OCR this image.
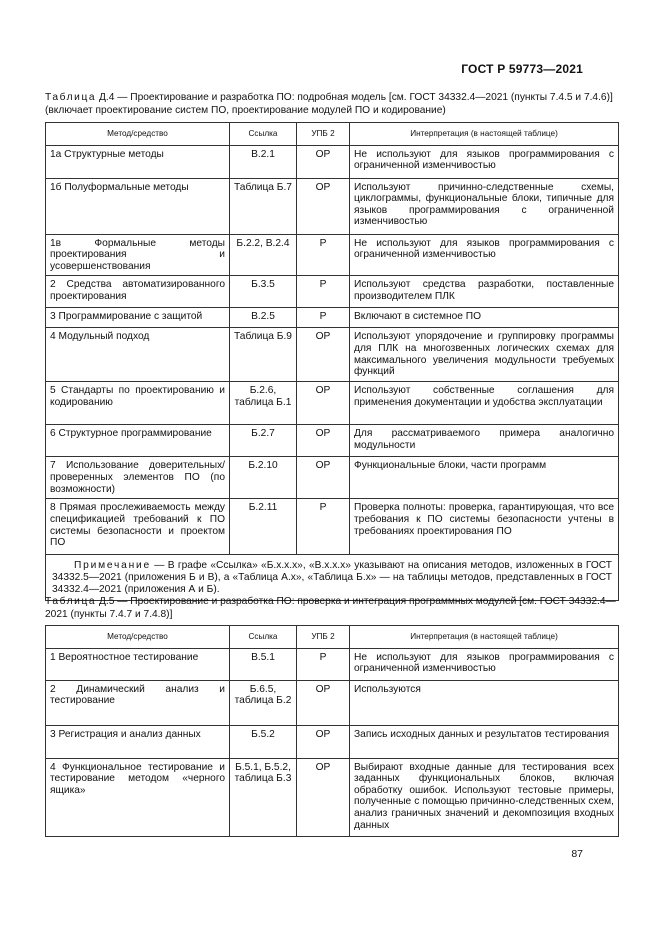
ГОСТ Р 59773—2021
Таблица Д.4 — Проектирование и разработка ПО: подробная модель [см. ГОСТ 34332.4—2021 (пункты 7.4.5 и 7.4.6)] (включает проектирование систем ПО, проектирование модулей ПО и кодирование)
Метод/средство	Ссылка	УПБ 2	Интерпретация (в настоящей таблице)
1а Структурные методы	В.2.1	ОР	Не используют для языков программирования с ограниченной изменчивостью
1б Полуформальные методы	Таблица Б.7	ОР	Используют причинно-следственные схемы, циклограммы, функциональные блоки, типичные для языков программирования с ограниченной изменчивостью
1в Формальные методы проектирования и усовершенствования	Б.2.2, В.2.4	Р	Не используют для языков программирования с ограниченной изменчивостью
2 Средства автоматизированного проектирования	Б.3.5	Р	Используют средства разработки, поставленные производителем ПЛК
3 Программирование с защитой	В.2.5	Р	Включают в системное ПО
4 Модульный подход	Таблица Б.9	ОР	Используют упорядочение и группировку программы для ПЛК на многозвенных логических схемах для максимального увеличения модульности требуемых функций
5 Стандарты по проектированию и кодированию	Б.2.6, таблица Б.1	ОР	Используют собственные соглашения для применения документации и удобства эксплуатации
6 Структурное программирование	Б.2.7	ОР	Для рассматриваемого примера аналогично модульности
7 Использование доверительных/проверенных элементов ПО (по возможности)	Б.2.10	ОР	Функциональные блоки, части программ
8 Прямая прослеживаемость между спецификацией требований к ПО системы безопасности и проектом ПО	Б.2.11	Р	Проверка полноты: проверка, гарантирующая, что все требования к ПО системы безопасности учтены в требованиях проектирования ПО
Примечание — В графе «Ссылка» «Б.х.х.х», «В.х.х.х» указывают на описания методов, изложенных в ГОСТ 34332.5—2021 (приложения Б и В), а «Таблица А.х», «Таблица Б.х» — на таблицы методов, представленных в ГОСТ 34332.4—2021 (приложения А и Б).			
Таблица Д.5 — Проектирование и разработка ПО: проверка и интеграция программных модулей [см. ГОСТ 34332.4—2021 (пункты 7.4.7 и 7.4.8)]
Метод/средство	Ссылка	УПБ 2	Интерпретация (в настоящей таблице)
1 Вероятностное тестирование	В.5.1	Р	Не используют для языков программирования с ограниченной изменчивостью
2 Динамический анализ и тестирование	Б.6.5, таблица Б.2	ОР	Используются
3 Регистрация и анализ данных	Б.5.2	ОР	Запись исходных данных и результатов тестирования
4 Функциональное тестирование и тестирование методом «черного ящика»	Б.5.1, Б.5.2, таблица Б.3	ОР	Выбирают входные данные для тестирования всех заданных функциональных блоков, включая обработку ошибок. Используют тестовые примеры, полученные с помощью причинно-следственных схем, анализ граничных значений и декомпозиция входных данных
87
